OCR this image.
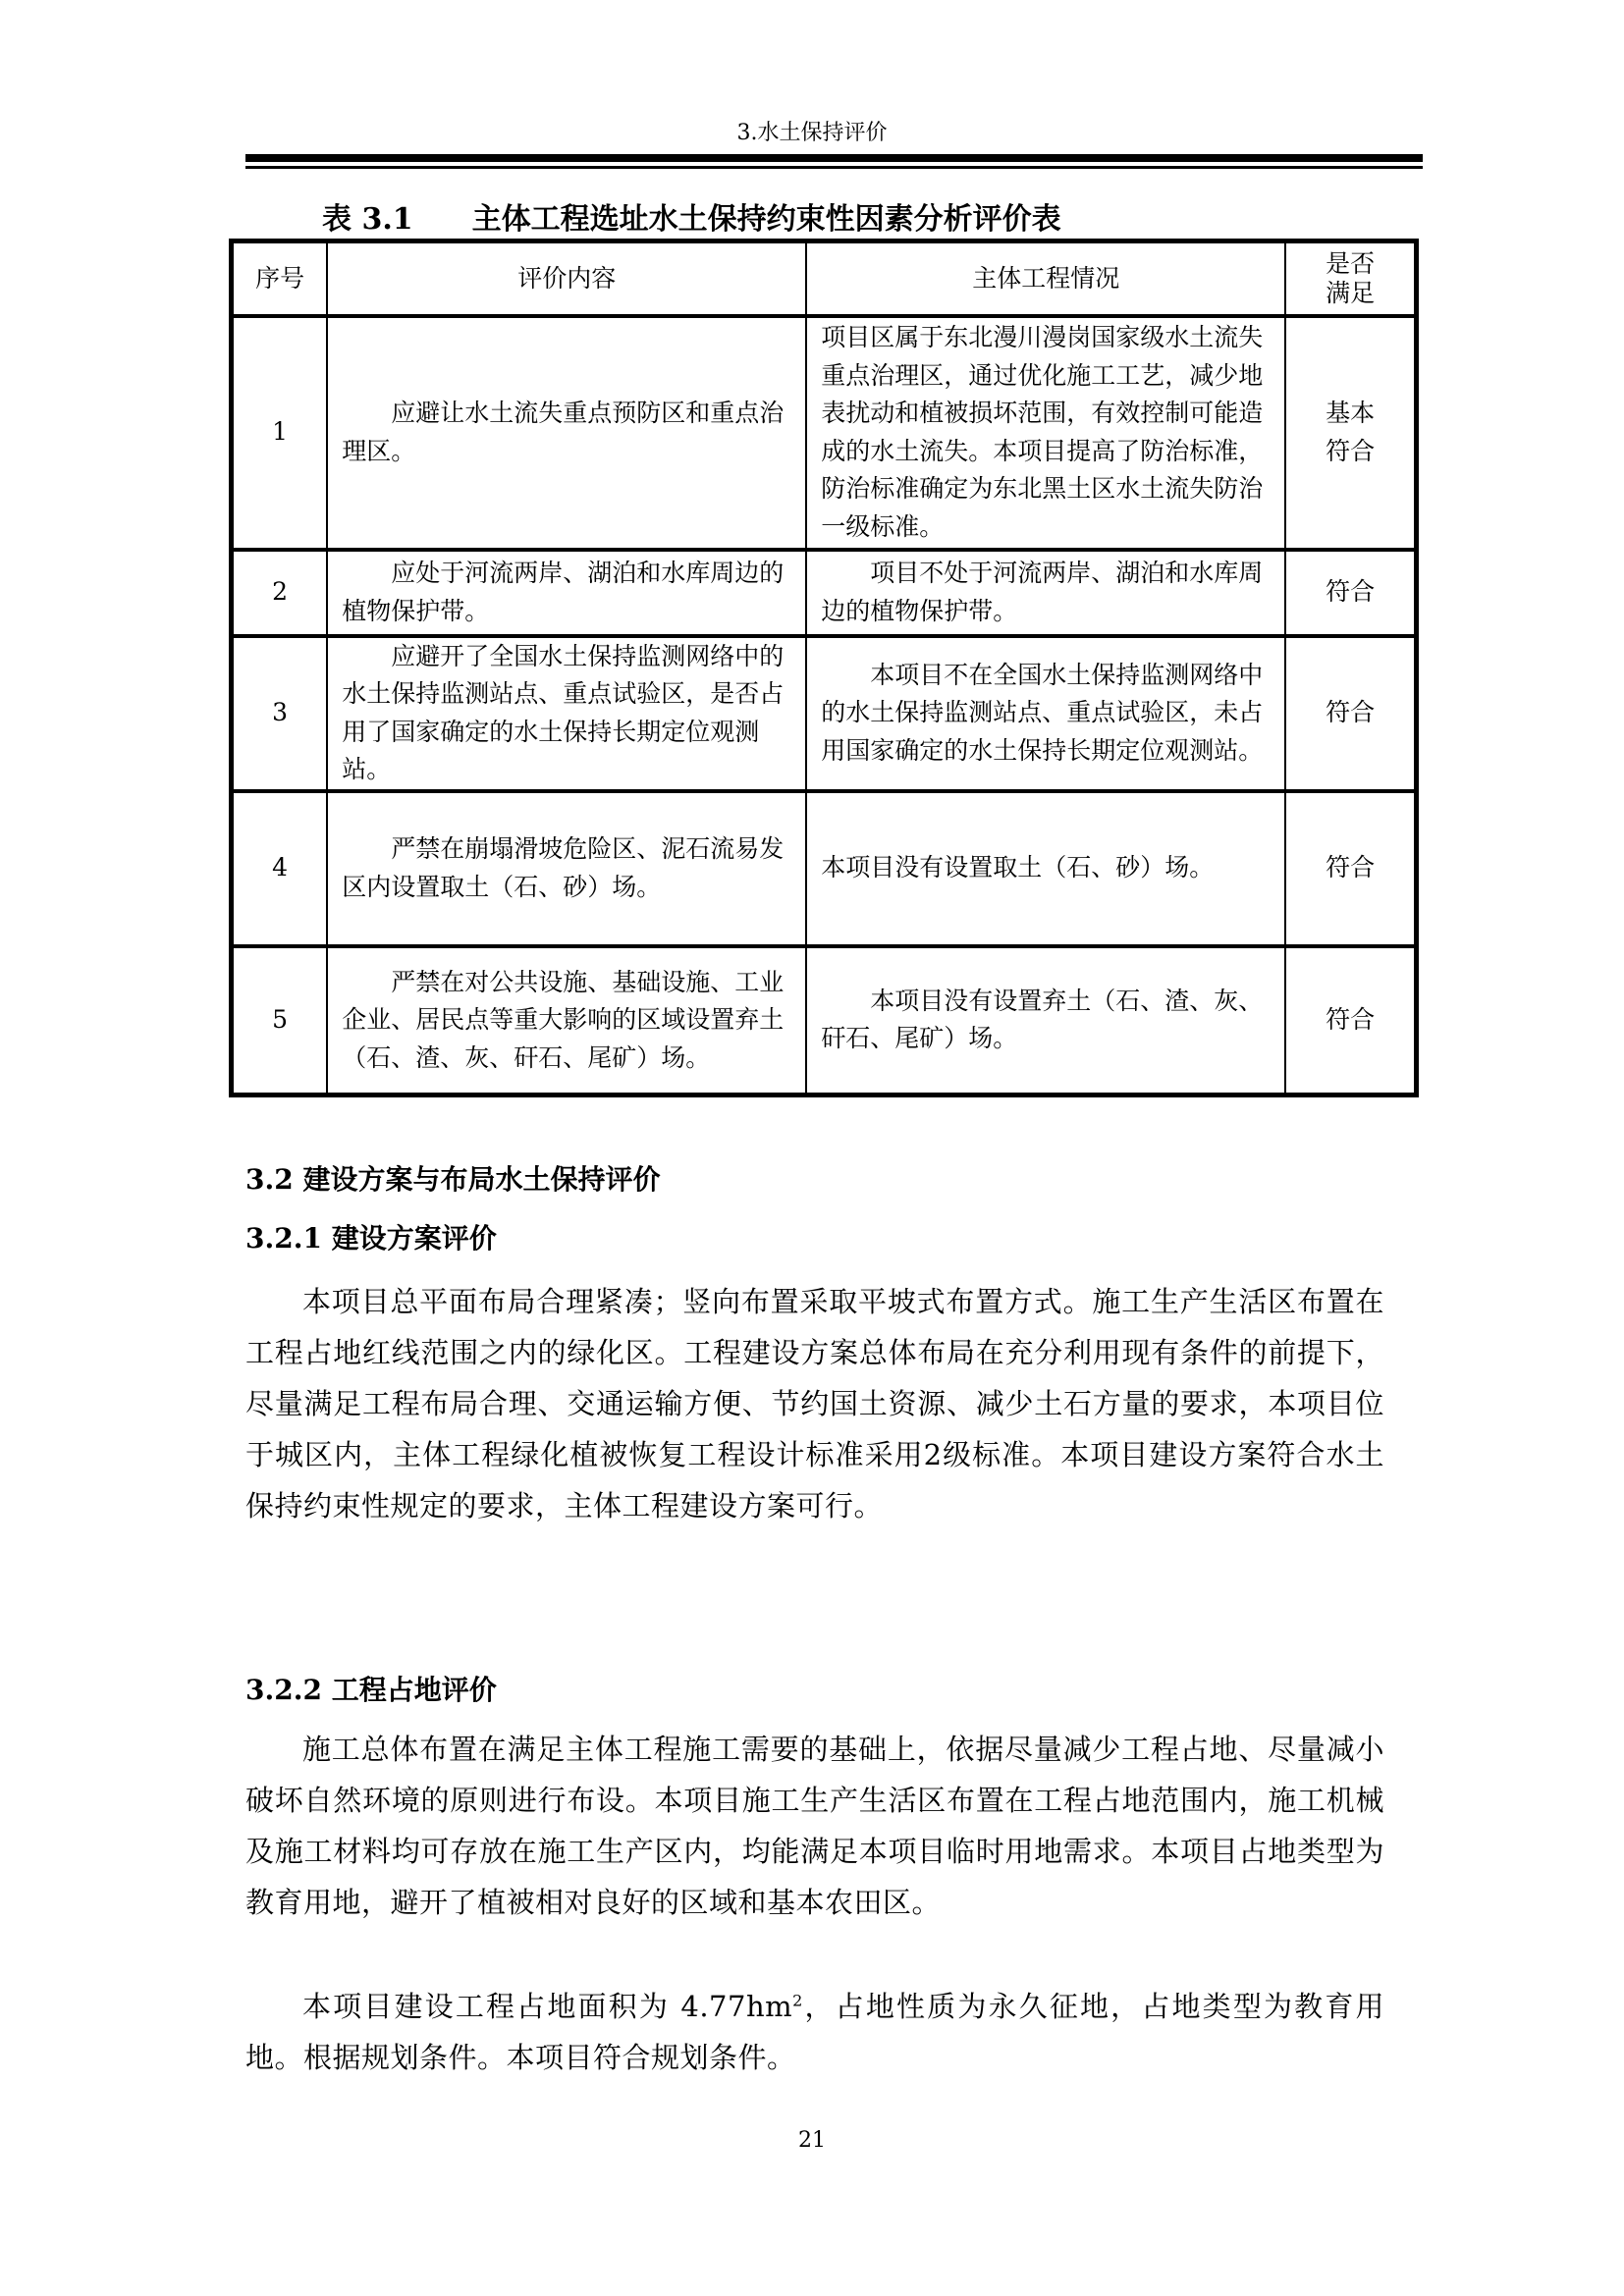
3.水土保持评价
表 3.1 主体工程选址水土保持约束性因素分析评价表
序号	评价内容	主体工程情况	是否满足
1	应避让水土流失重点预防区和重点治理区。	项目区属于东北漫川漫岗国家级水土流失重点治理区，通过优化施工工艺，减少地表扰动和植被损坏范围，有效控制可能造成的水土流失。本项目提高了防治标准，防治标准确定为东北黑土区水土流失防治一级标准。	基本符合
2	应处于河流两岸、湖泊和水库周边的植物保护带。	项目不处于河流两岸、湖泊和水库周边的植物保护带。	符合
3	应避开了全国水土保持监测网络中的水土保持监测站点、重点试验区，是否占用了国家确定的水土保持长期定位观测站。	本项目不在全国水土保持监测网络中的水土保持监测站点、重点试验区，未占用国家确定的水土保持长期定位观测站。	符合
4	严禁在崩塌滑坡危险区、泥石流易发区内设置取土（石、砂）场。	本项目没有设置取土（石、砂）场。	符合
5	严禁在对公共设施、基础设施、工业企业、居民点等重大影响的区域设置弃土（石、渣、灰、矸石、尾矿）场。	本项目没有设置弃土（石、渣、灰、矸石、尾矿）场。	符合
3.2 建设方案与布局水土保持评价
3.2.1 建设方案评价
本项目总平面布局合理紧凑；竖向布置采取平坡式布置方式。施工生产生活区布置在工程占地红线范围之内的绿化区。工程建设方案总体布局在充分利用现有条件的前提下，尽量满足工程布局合理、交通运输方便、节约国土资源、减少土石方量的要求，本项目位于城区内，主体工程绿化植被恢复工程设计标准采用2级标准。本项目建设方案符合水土保持约束性规定的要求，主体工程建设方案可行。
3.2.2 工程占地评价
施工总体布置在满足主体工程施工需要的基础上，依据尽量减少工程占地、尽量减小破坏自然环境的原则进行布设。本项目施工生产生活区布置在工程占地范围内，施工机械及施工材料均可存放在施工生产区内，均能满足本项目临时用地需求。本项目占地类型为教育用地，避开了植被相对良好的区域和基本农田区。
本项目建设工程占地面积为 $4.77hm^2$，占地性质为永久征地，占地类型为教育用地。根据规划条件。本项目符合规划条件。
21
